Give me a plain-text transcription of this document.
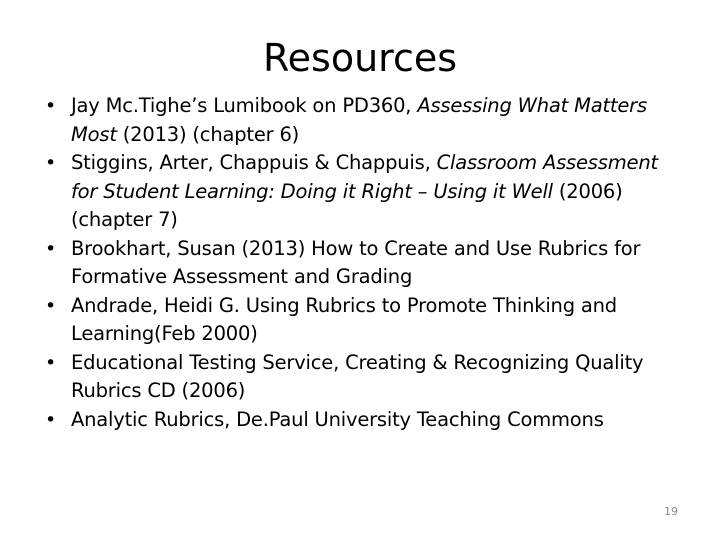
Resources
• Jay Mc.Tighe’s Lumibook on PD360, Assessing What Matters Most (2013) (chapter 6)
• Stiggins, Arter, Chappuis & Chappuis, Classroom Assessment for Student Learning: Doing it Right – Using it Well (2006) (chapter 7)
• Brookhart, Susan (2013) How to Create and Use Rubrics for Formative Assessment and Grading
• Andrade, Heidi G. Using Rubrics to Promote Thinking and Learning(Feb 2000)
• Educational Testing Service, Creating & Recognizing Quality Rubrics CD (2006)
• Analytic Rubrics, De.Paul University Teaching Commons
19
